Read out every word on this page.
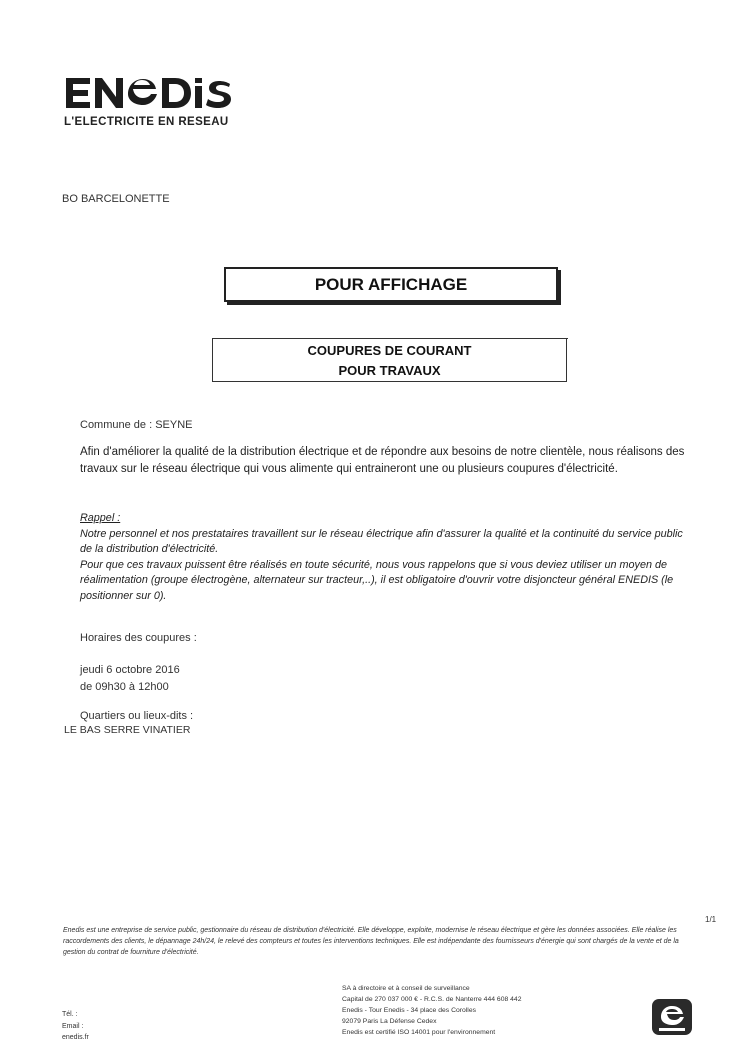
L'ELECTRICITE EN RESEAU
BO BARCELONETTE
POUR AFFICHAGE
COUPURES DE COURANT
POUR TRAVAUX
Commune de : SEYNE
Afin d'améliorer la qualité de la distribution électrique et de répondre aux besoins de notre clientèle, nous réalisons des travaux sur le réseau électrique qui vous alimente qui entraineront une ou plusieurs coupures d'électricité.
Rappel :

Notre personnel et nos prestataires travaillent sur le réseau électrique afin d'assurer la qualité et la continuité du service public de la distribution d'électricité.

Pour que ces travaux puissent être réalisés en toute sécurité, nous vous rappelons que si vous deviez utiliser un moyen de réalimentation (groupe électrogène, alternateur sur tracteur,..), il est obligatoire d'ouvrir votre disjoncteur général ENEDIS (le positionner sur 0).

Horaires des coupures :
jeudi 6 octobre 2016
de 09h30 à 12h00
Quartiers ou lieux-dits :
LE BAS SERRE VINATIER
1/1
Enedis est une entreprise de service public, gestionnaire du réseau de distribution d'électricité. Elle développe, exploite, modernise le réseau électrique et gère les données associées. Elle réalise les raccordements des clients, le dépannage 24h/24, le relevé des compteurs et toutes les interventions techniques. Elle est indépendante des fournisseurs d'énergie qui sont chargés de la vente et de la gestion du contrat de fourniture d'électricité.
SA à directoire et à conseil de surveillance
Capital de 270 037 000 € - R.C.S. de Nanterre 444 608 442
Enedis - Tour Enedis - 34 place des Corolles
92079 Paris La Défense Cedex
Enedis est certifié ISO 14001 pour l'environnement
Tél. :
Email :
enedis.fr
